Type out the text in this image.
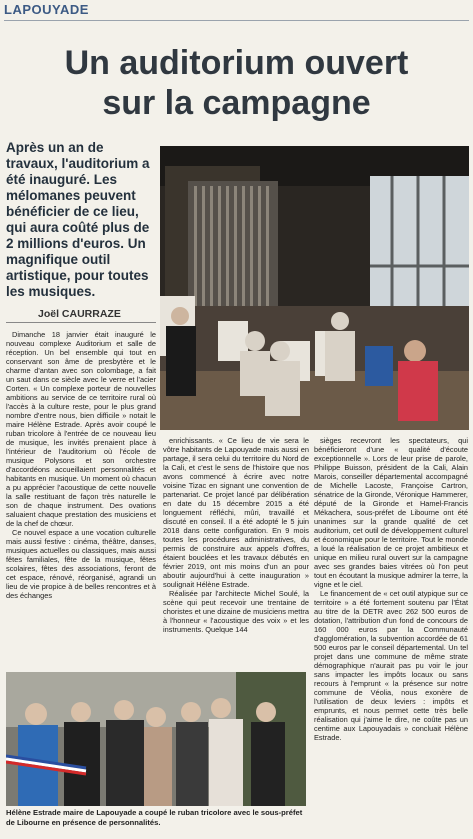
LAPOUYADE
Un auditorium ouvert
sur la campagne
Après un an de travaux, l'auditorium a été inauguré. Les mélomanes peuvent bénéficier de ce lieu, qui aura coûté plus de 2 millions d'euros. Un magnifique outil artistique, pour toutes les musiques.
Joël CAURRAZE

Dimanche 18 janvier était inauguré le nouveau complexe Auditorium et salle de réception. Un bel ensemble qui tout en conservant son âme de presbytère et le charme d'antan avec son colombage, a fait un saut dans ce siècle avec le verre et l'acier Corten. « Un complexe porteur de nouvelles ambitions au service de ce territoire rural où l'accès à la culture reste, pour le plus grand nombre d'entre nous, bien difficile » notait le maire Hélène Estrade. Après avoir coupé le ruban tricolore à l'entrée de ce nouveau lieu de musique, les invités prenaient place à l'intérieur de l'auditorium où l'école de musique Polysons et son orchestre d'accordéons accueillaient personnalités et habitants en musique. Un moment où chacun a pu apprécier l'acoustique de cette nouvelle la salle restituant de façon très naturelle le son de chaque instrument. Des ovations saluaient chaque prestation des musiciens et de la chef de chœur.

Ce nouvel espace a une vocation culturelle mais aussi festive : cinéma, théâtre, danses, musiques actuelles ou classiques, mais aussi fêtes familiales, fête de la musique, fêtes scolaires, fêtes des associations, feront de cet espace, rénové, réorganisé, agrandi un lieu de vie propice à de belles rencontres et à des échanges

enrichissants. « Ce lieu de vie sera le vôtre habitants de Lapouyade mais aussi en partage, il sera celui du territoire du Nord de la Cali, et c'est le sens de l'histoire que nos avons commencé à écrire avec notre voisine Tizac en signant une convention de partenariat. Ce projet lancé par délibération en date du 15 décembre 2015 a été longuement réfléchi, mûri, travaillé et discuté en conseil. Il a été adopté le 5 juin 2018 dans cette configuration. En 9 mois toutes les procédures administratives, du permis de construire aux appels d'offres, étaient bouclées et les travaux débutés en février 2019, ont mis moins d'un an pour aboutir aujourd'hui à cette inauguration » soulignait Hélène Estrade.

Réalisée par l'architecte Michel Soulé, la scène qui peut recevoir une trentaine de choristes et une dizaine de musiciens mettra à l'honneur « l'acoustique des voix » et les instruments. Quelque 144

sièges recevront les spectateurs, qui bénéficieront d'une « qualité d'écoute exceptionnelle ». Lors de leur prise de parole, Philippe Buisson, président de la Cali, Alain Marois, conseiller départemental accompagné de Michelle Lacoste, Françoise Cartron, sénatrice de la Gironde, Véronique Hammerer, député de la Gironde et Hamel-Francis Mékachera, sous-préfet de Libourne ont été unanimes sur la grande qualité de cet auditorium, cet outil de développement culturel et économique pour le territoire. Tout le monde a loué la réalisation de ce projet ambitieux et unique en milieu rural ouvert sur la campagne avec ses grandes baies vitrées où l'on peut tout en écoutant la musique admirer la terre, la vigne et le ciel.

Le financement de « cet outil atypique sur ce territoire » a été fortement soutenu par l'État au titre de la DETR avec 262 500 euros de dotation, l'attribution d'un fond de concours de 160 000 euros par la Communauté d'agglomération, la subvention accordée de 61 500 euros par le conseil départemental. Un tel projet dans une commune de même strate démographique n'aurait pas pu voir le jour sans impacter les impôts locaux ou sans recours à l'emprunt « la présence sur notre commune de Véolia, nous exonère de l'utilisation de deux leviers : impôts et emprunts, et nous permet cette très belle réalisation qui j'aime le dire, ne coûte pas un centime aux Lapouyadais » concluait Hélène Estrade.

Hélène Estrade maire de Lapouyade a coupé le ruban tricolore avec le sous-préfet de Libourne en présence de personnalités.
